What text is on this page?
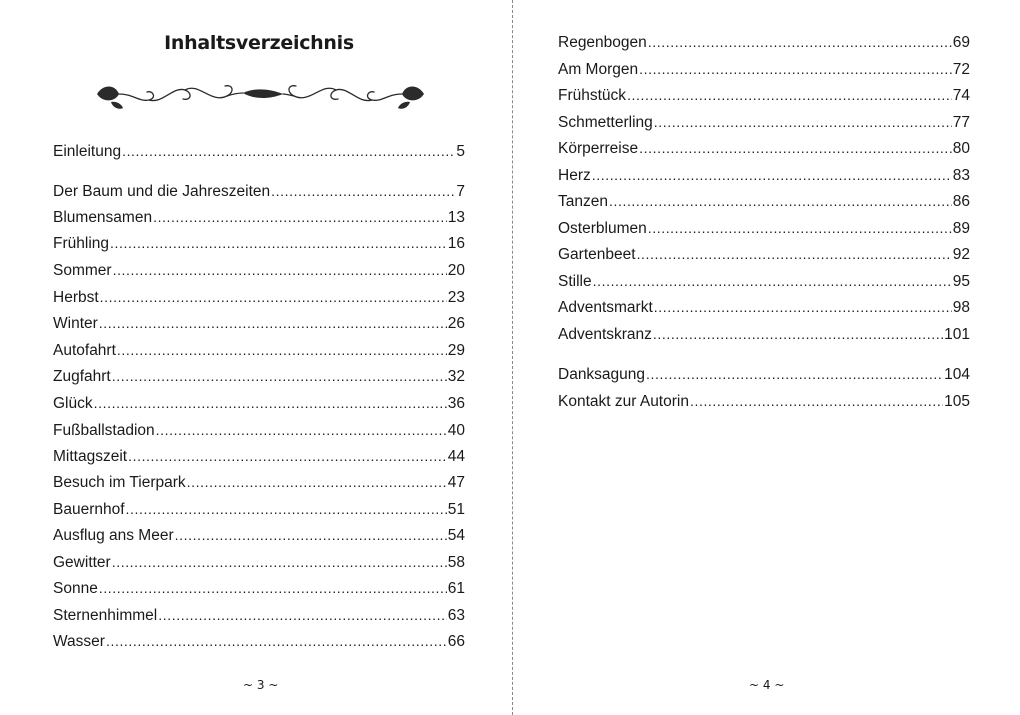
Inhaltsverzeichnis
Einleitung .....	5
Der Baum und die Jahreszeiten .....	7
Blumensamen .....	13
Frühling .....	16
Sommer .....	20
Herbst .....	23
Winter .....	26
Autofahrt .....	29
Zugfahrt .....	32
Glück .....	36
Fußballstadion .....	40
Mittagszeit .....	44
Besuch im Tierpark .....	47
Bauernhof .....	51
Ausflug ans Meer .....	54
Gewitter .....	58
Sonne .....	61
Sternenhimmel .....	63
Wasser .....	66
~ 3 ~
Regenbogen .....	69
Am Morgen .....	72
Frühstück .....	74
Schmetterling .....	77
Körperreise .....	80
Herz .....	83
Tanzen .....	86
Osterblumen .....	89
Gartenbeet .....	92
Stille .....	95
Adventsmarkt .....	98
Adventskranz .....	101
Danksagung .....	104
Kontakt zur Autorin .....	105
~ 4 ~
